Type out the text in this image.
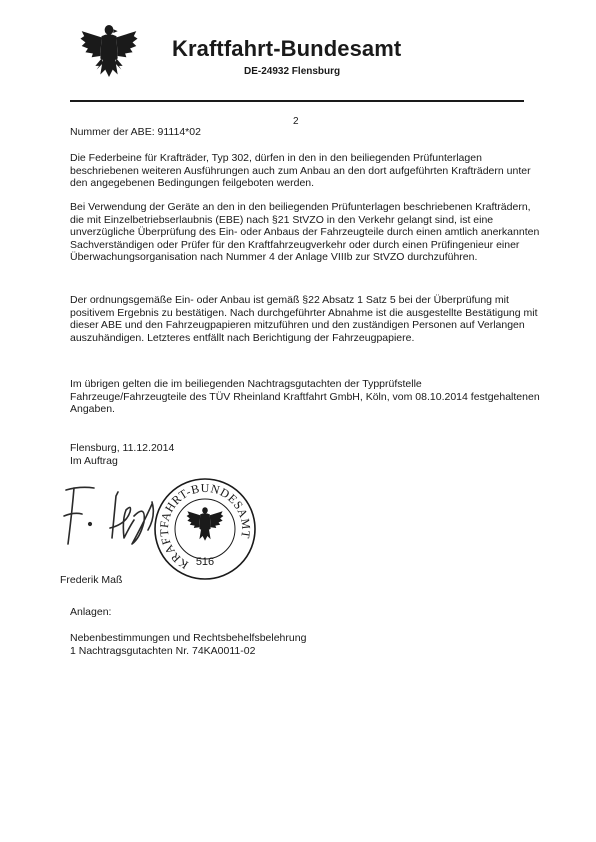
Kraftfahrt-Bundesamt
DE-24932 Flensburg
2

Nummer der ABE: 91114*02

Die Federbeine für Krafträder, Typ 302, dürfen in den in den beiliegenden Prüfunterlagen beschriebenen weiteren Ausführungen auch zum Anbau an den dort aufgeführten Krafträdern unter den angegebenen Bedingungen feilgeboten werden.

Bei Verwendung der Geräte an den in den beiliegenden Prüfunterlagen beschriebenen Krafträdern, die mit Einzelbetriebserlaubnis (EBE) nach §21 StVZO in den Verkehr gelangt sind, ist eine unverzügliche Überprüfung des Ein- oder Anbaus der Fahrzeugteile durch einen amtlich anerkannten Sachverständigen oder Prüfer für den Kraftfahrzeugverkehr oder durch einen Prüfingenieur einer Überwachungsorganisation nach Nummer 4 der Anlage VIIIb zur StVZO durchzuführen.

Der ordnungsgemäße Ein- oder Anbau ist gemäß §22 Absatz 1 Satz 5 bei der Überprüfung mit positivem Ergebnis zu bestätigen. Nach durchgeführter Abnahme ist die ausgestellte Bestätigung mit dieser ABE und den Fahrzeugpapieren mitzuführen und den zuständigen Personen auf Verlangen auszuhändigen. Letzteres entfällt nach Berichtigung der Fahrzeugpapiere.

Im übrigen gelten die im beiliegenden Nachtragsgutachten der Typprüfstelle Fahrzeuge/Fahrzeugteile des TÜV Rheinland Kraftfahrt GmbH, Köln, vom 08.10.2014 festgehaltenen Angaben.

Flensburg, 11.12.2014
Im Auftrag
KRAFTFAHRT-BUNDESAMT
516
Frederik Maß
Anlagen:
Nebenbestimmungen und Rechtsbehelfsbelehrung
1 Nachtragsgutachten Nr. 74KA0011-02
